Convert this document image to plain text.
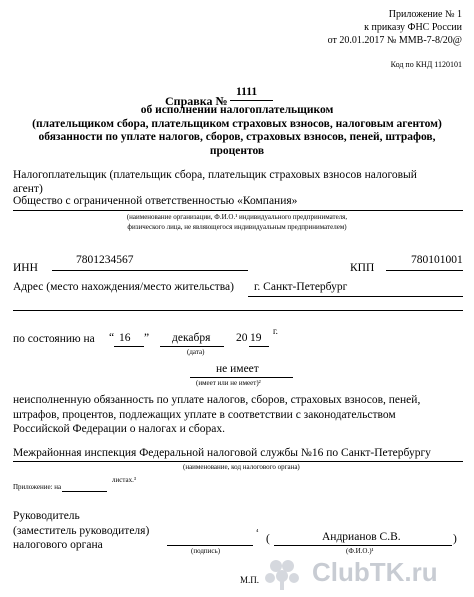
Приложение № 1
к приказу ФНС России
от 20.01.2017 № ММВ-7-8/20@
Код по КНД 1120101
Справка №
1111
об исполнении налогоплательщиком
(плательщиком сбора, плательщиком страховых взносов, налоговым агентом)
обязанности по уплате налогов, сборов, страховых взносов, пеней, штрафов,
процентов
Налогоплательщик (плательщик сбора, плательщик страховых взносов налоговый
агент)
Общество с ограниченной ответственностью «Компания»
(наименование организации, Ф.И.О.¹ индивидуального предпринимателя,
физического лица, не являющегося индивидуальным предпринимателем)
ИНН
7801234567
КПП
780101001
Адрес (место нахождения/место жительства) г. Санкт-Петербург
по состоянию на “ 16 ” декабря 20 19
г.
(дата)
не имеет
(имеет или не имеет)²
неисполненную обязанность по уплате налогов, сборов, страховых взносов, пеней,
штрафов, процентов, подлежащих уплате в соответствии с законодательством
Российской Федерации о налогах и сборах.
Межрайонная инспекция Федеральной налоговой службы №16 по Санкт-Петербургу
(наименование, код налогового органа)
Приложение: на
листах.³
Руководитель
(заместитель руководителя)
налогового органа
⁴
(	Андрианов С.В.	)
(подпись)	(Ф.И.О.)¹
М.П. ClubTK.ru
